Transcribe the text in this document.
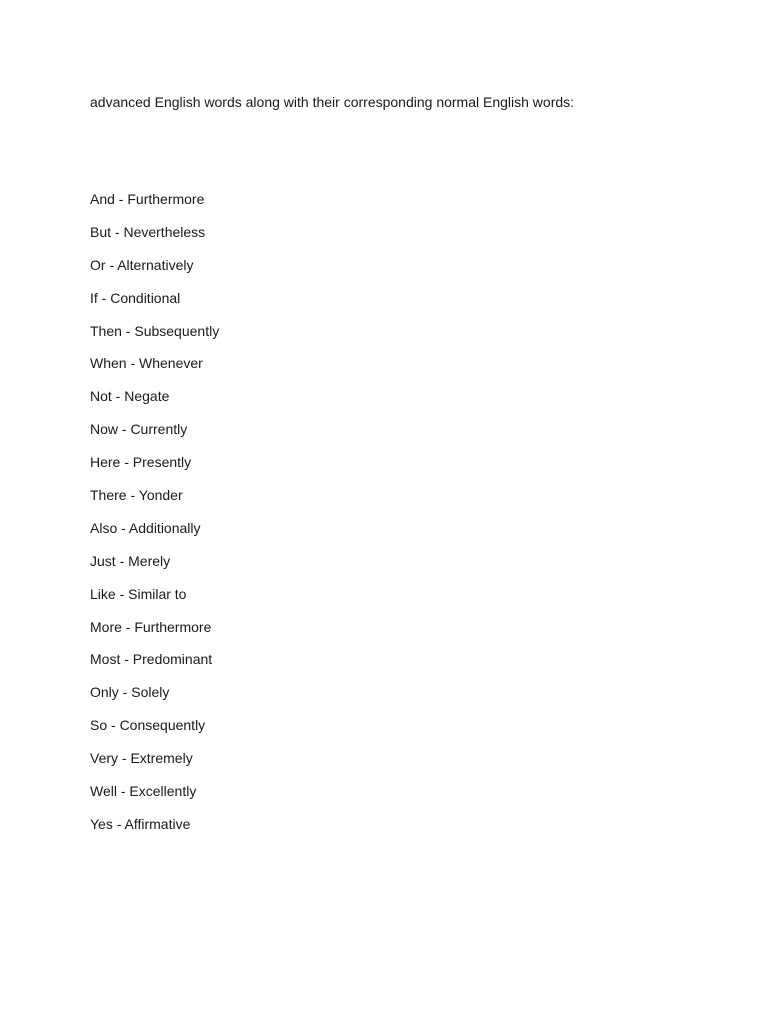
advanced English words along with their corresponding normal English words:

And - Furthermore
But - Nevertheless
Or - Alternatively
If - Conditional
Then - Subsequently
When - Whenever
Not - Negate
Now - Currently
Here - Presently
There - Yonder
Also - Additionally
Just - Merely
Like - Similar to
More - Furthermore
Most - Predominant
Only - Solely
So - Consequently
Very - Extremely
Well - Excellently
Yes - Affirmative
